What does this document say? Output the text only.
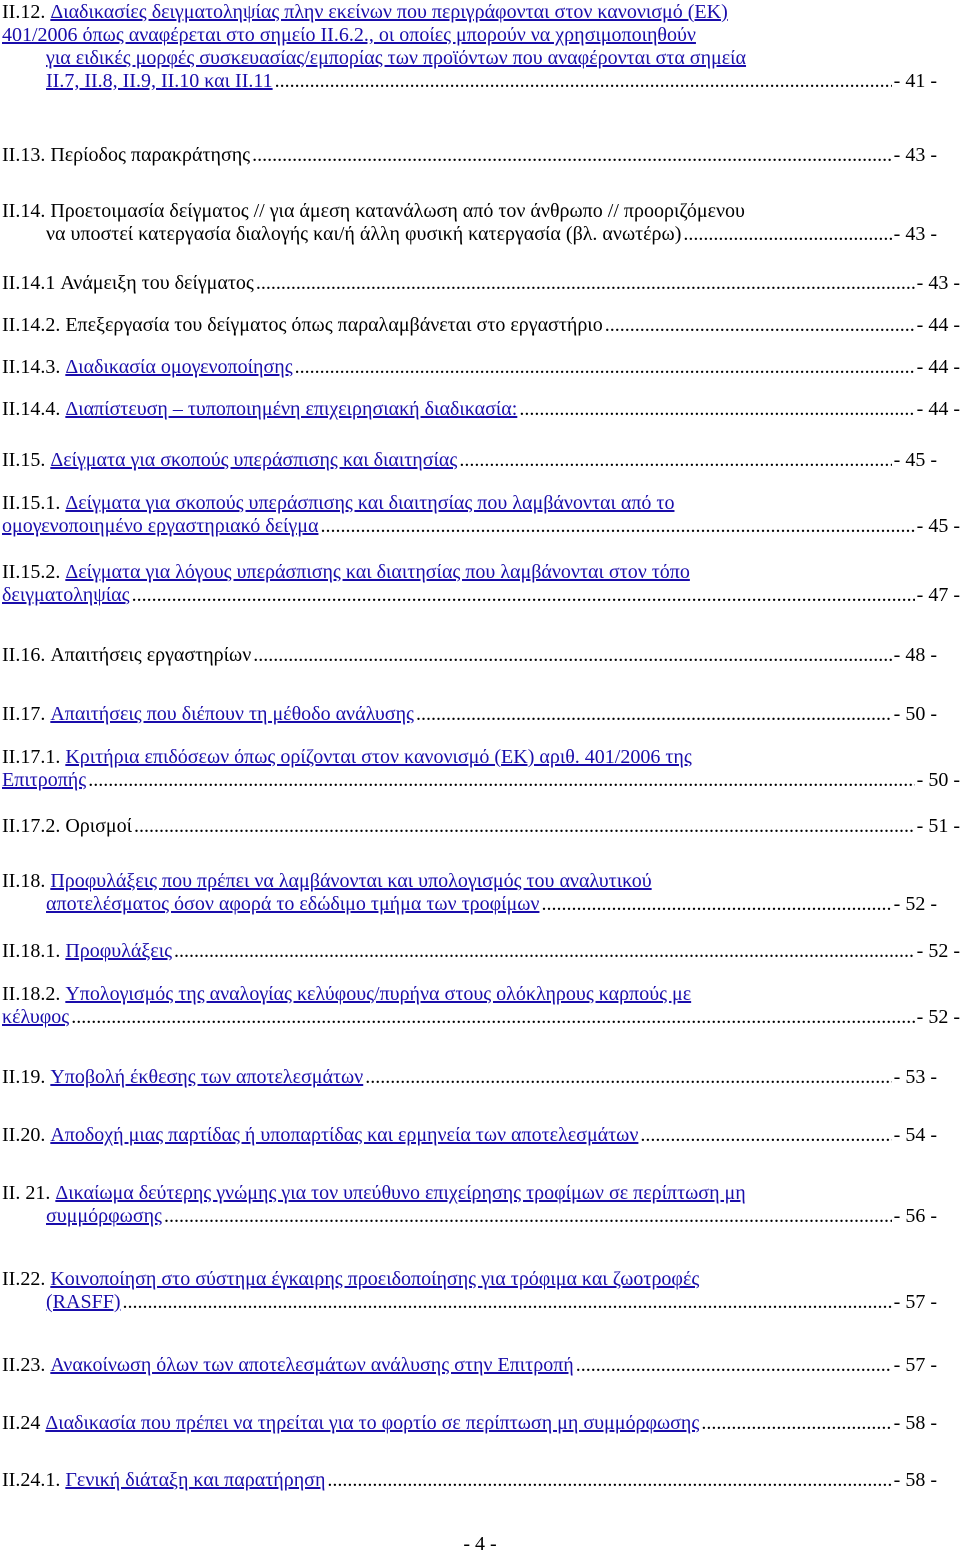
II.12.
Διαδικασίες δειγματοληψίας πλην εκείνων που περιγράφονται στον κανονισμό (ΕΚ)
401/2006 όπως αναφέρεται στο σημείο II.6.2., οι οποίες μπορούν να χρησιμοποιηθούν
για ειδικές μορφές συσκευασίας/εμπορίας των προϊόντων που αναφέρονται στα σημεία
II.7, II.8, II.9, II.10 και II.11 .....	- 41 -
II.13.
Περίοδος παρακράτησης .....	- 43 -
II.14.
Προετοιμασία δείγματος // για άμεση κατανάλωση από τον άνθρωπο // προοριζόμενου
να υποστεί κατεργασία διαλογής και/ή άλλη φυσική κατεργασία (βλ. ανωτέρω) .....	- 43 -
II.14.1
Ανάμειξη του δείγματος .....	- 43 -
II.14.2.
Επεξεργασία του δείγματος όπως παραλαμβάνεται στο εργαστήριο .....	- 44 -
II.14.3.
Διαδικασία ομογενοποίησης .....	- 44 -
II.14.4.
Διαπίστευση – τυποποιημένη επιχειρησιακή διαδικασία: .....	- 44 -
II.15.
Δείγματα για σκοπούς υπεράσπισης και διαιτησίας .....	- 45 -
II.15.1.
Δείγματα για σκοπούς υπεράσπισης και διαιτησίας που λαμβάνονται από το
ομογενοποιημένο εργαστηριακό δείγμα .....	- 45 -
II.15.2.
Δείγματα για λόγους υπεράσπισης και διαιτησίας που λαμβάνονται στον τόπο
δειγματοληψίας .....	- 47 -
II.16.
Απαιτήσεις εργαστηρίων .....	- 48 -
II.17.
Απαιτήσεις που διέπουν τη μέθοδο ανάλυσης .....	- 50 -
II.17.1.
Κριτήρια επιδόσεων όπως ορίζονται στον κανονισμό (ΕΚ) αριθ. 401/2006 της
Επιτροπής .....	- 50 -
II.17.2.
Ορισμοί .....	- 51 -
II.18.
Προφυλάξεις που πρέπει να λαμβάνονται και υπολογισμός του αναλυτικού
αποτελέσματος όσον αφορά το εδώδιμο τμήμα των τροφίμων .....	- 52 -
II.18.1.
Προφυλάξεις .....	- 52 -
II.18.2.
Υπολογισμός της αναλογίας κελύφους/πυρήνα στους ολόκληρους καρπούς με
κέλυφος .....	- 52 -
II.19.
Υποβολή έκθεσης των αποτελεσμάτων .....	- 53 -
II.20.
Αποδοχή μιας παρτίδας ή υποπαρτίδας και ερμηνεία των αποτελεσμάτων .....	- 54 -
II. 21.
Δικαίωμα δεύτερης γνώμης για τον υπεύθυνο επιχείρησης τροφίμων σε περίπτωση μη
συμμόρφωσης .....	- 56 -
II.22.
Κοινοποίηση στο σύστημα έγκαιρης προειδοποίησης για τρόφιμα και ζωοτροφές
(RASFF) .....	- 57 -
II.23.
Ανακοίνωση όλων των αποτελεσμάτων ανάλυσης στην Επιτροπή .....	- 57 -
II.24
Διαδικασία που πρέπει να τηρείται για το φορτίο σε περίπτωση μη συμμόρφωσης .....	- 58 -
II.24.1.
Γενική διάταξη και παρατήρηση .....	- 58 -
- 4 -
